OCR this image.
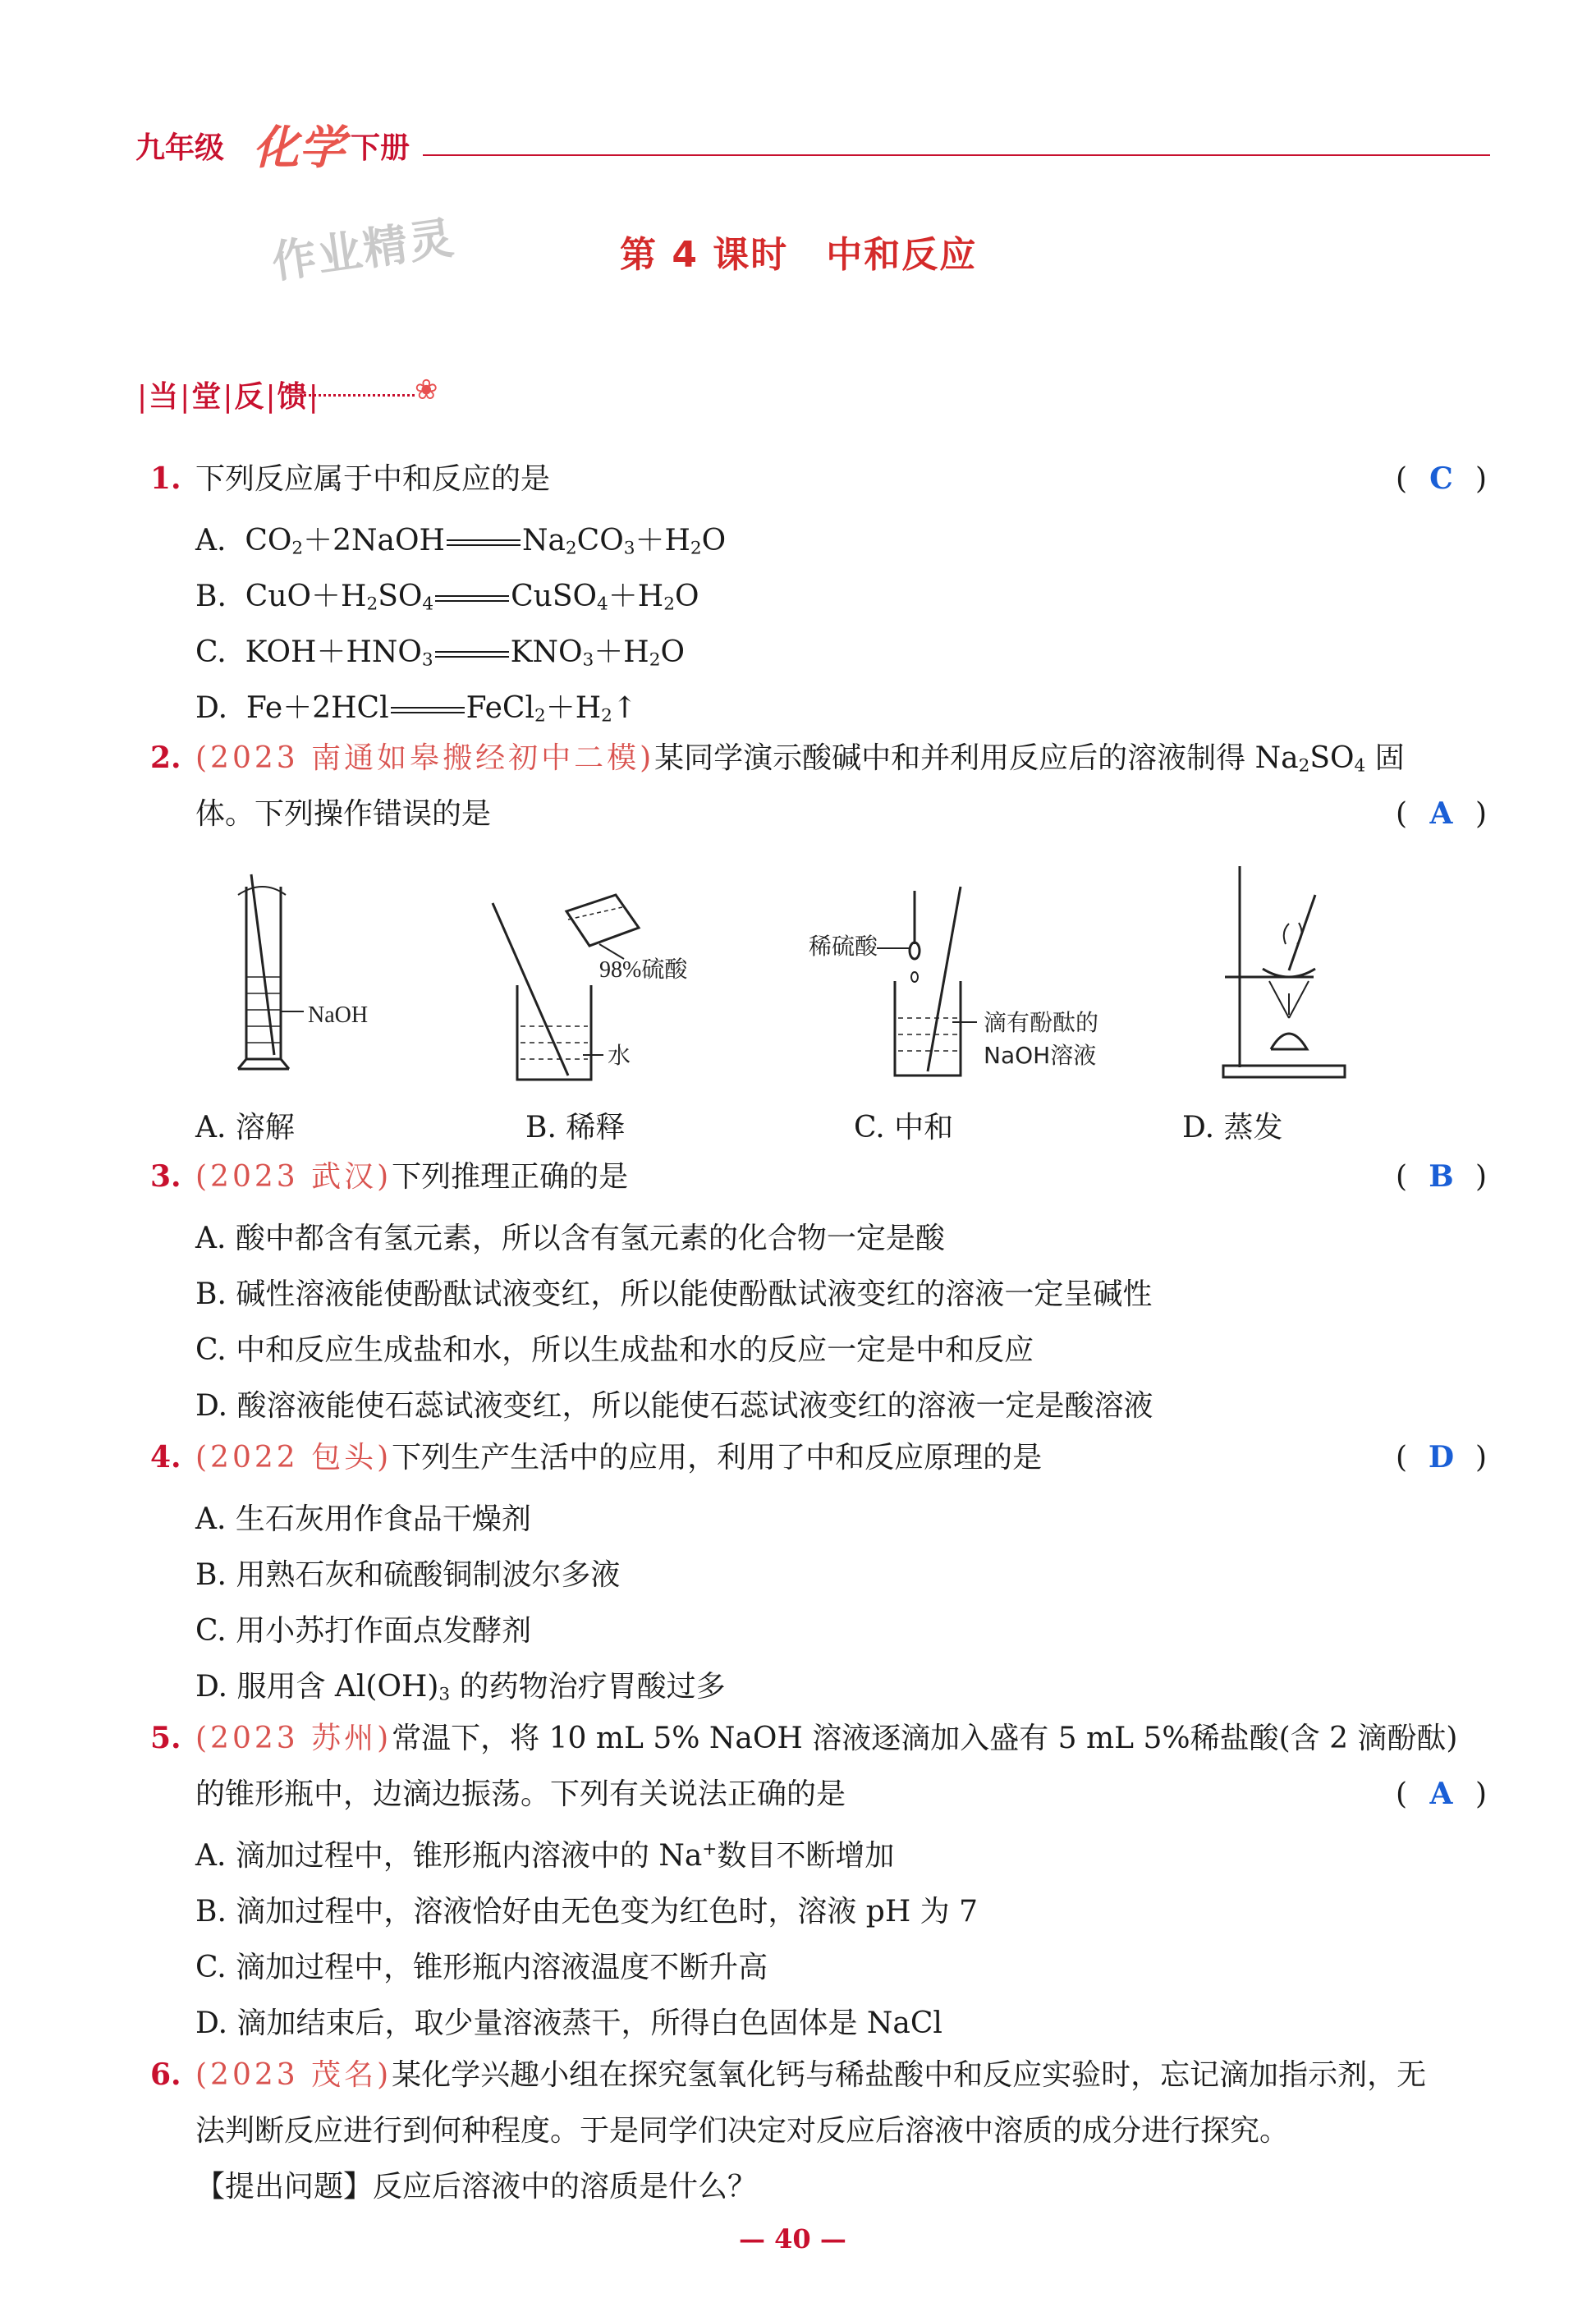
九年级 化学 下册
作业精灵	第 4 课时　中和反应
|当|堂|反|馈|	❀
1. 下列反应属于中和反应的是	( C )
A.  $CO_2+2NaOH$	$Na_2CO_3+H_2O$
B.  $CuO+H_2SO_4$	$CuSO_4+H_2O$
C.  $KOH+HNO_3$	$KNO_3+H_2O$
D.  Fe＋2HCl	$FeCl_2+H_2↑$
2. (2023 南通如皋搬经初中二模)某同学演示酸碱中和并利用反应后的溶液制得 $Na_2SO_4$ 固
体。下列操作错误的是	( A )
NaOH
98%硫酸
水
稀硫酸
滴有酚酞的
NaOH溶液
A. 溶解	B. 稀释	C. 中和	D. 蒸发
3. (2023 武汉)下列推理正确的是	( B )
A. 酸中都含有氢元素，所以含有氢元素的化合物一定是酸
B. 碱性溶液能使酚酞试液变红，所以能使酚酞试液变红的溶液一定呈碱性
C. 中和反应生成盐和水，所以生成盐和水的反应一定是中和反应
D. 酸溶液能使石蕊试液变红，所以能使石蕊试液变红的溶液一定是酸溶液
4. (2022 包头)下列生产生活中的应用，利用了中和反应原理的是	( D )
A. 生石灰用作食品干燥剂
B. 用熟石灰和硫酸铜制波尔多液
C. 用小苏打作面点发酵剂
D. 服用含 $Al(OH)_3$ 的药物治疗胃酸过多
5. (2023 苏州)常温下，将 10 mL 5% NaOH 溶液逐滴加入盛有 5 mL 5%稀盐酸(含 2 滴酚酞)
的锥形瓶中，边滴边振荡。下列有关说法正确的是	( A )
A. 滴加过程中，锥形瓶内溶液中的 Na+数目不断增加
B. 滴加过程中，溶液恰好由无色变为红色时，溶液 pH 为 7
C. 滴加过程中，锥形瓶内溶液温度不断升高
D. 滴加结束后，取少量溶液蒸干，所得白色固体是 NaCl
6. (2023 茂名)某化学兴趣小组在探究氢氧化钙与稀盐酸中和反应实验时，忘记滴加指示剂，无
法判断反应进行到何种程度。于是同学们决定对反应后溶液中溶质的成分进行探究。
【提出问题】反应后溶液中的溶质是什么？
— 40 —
